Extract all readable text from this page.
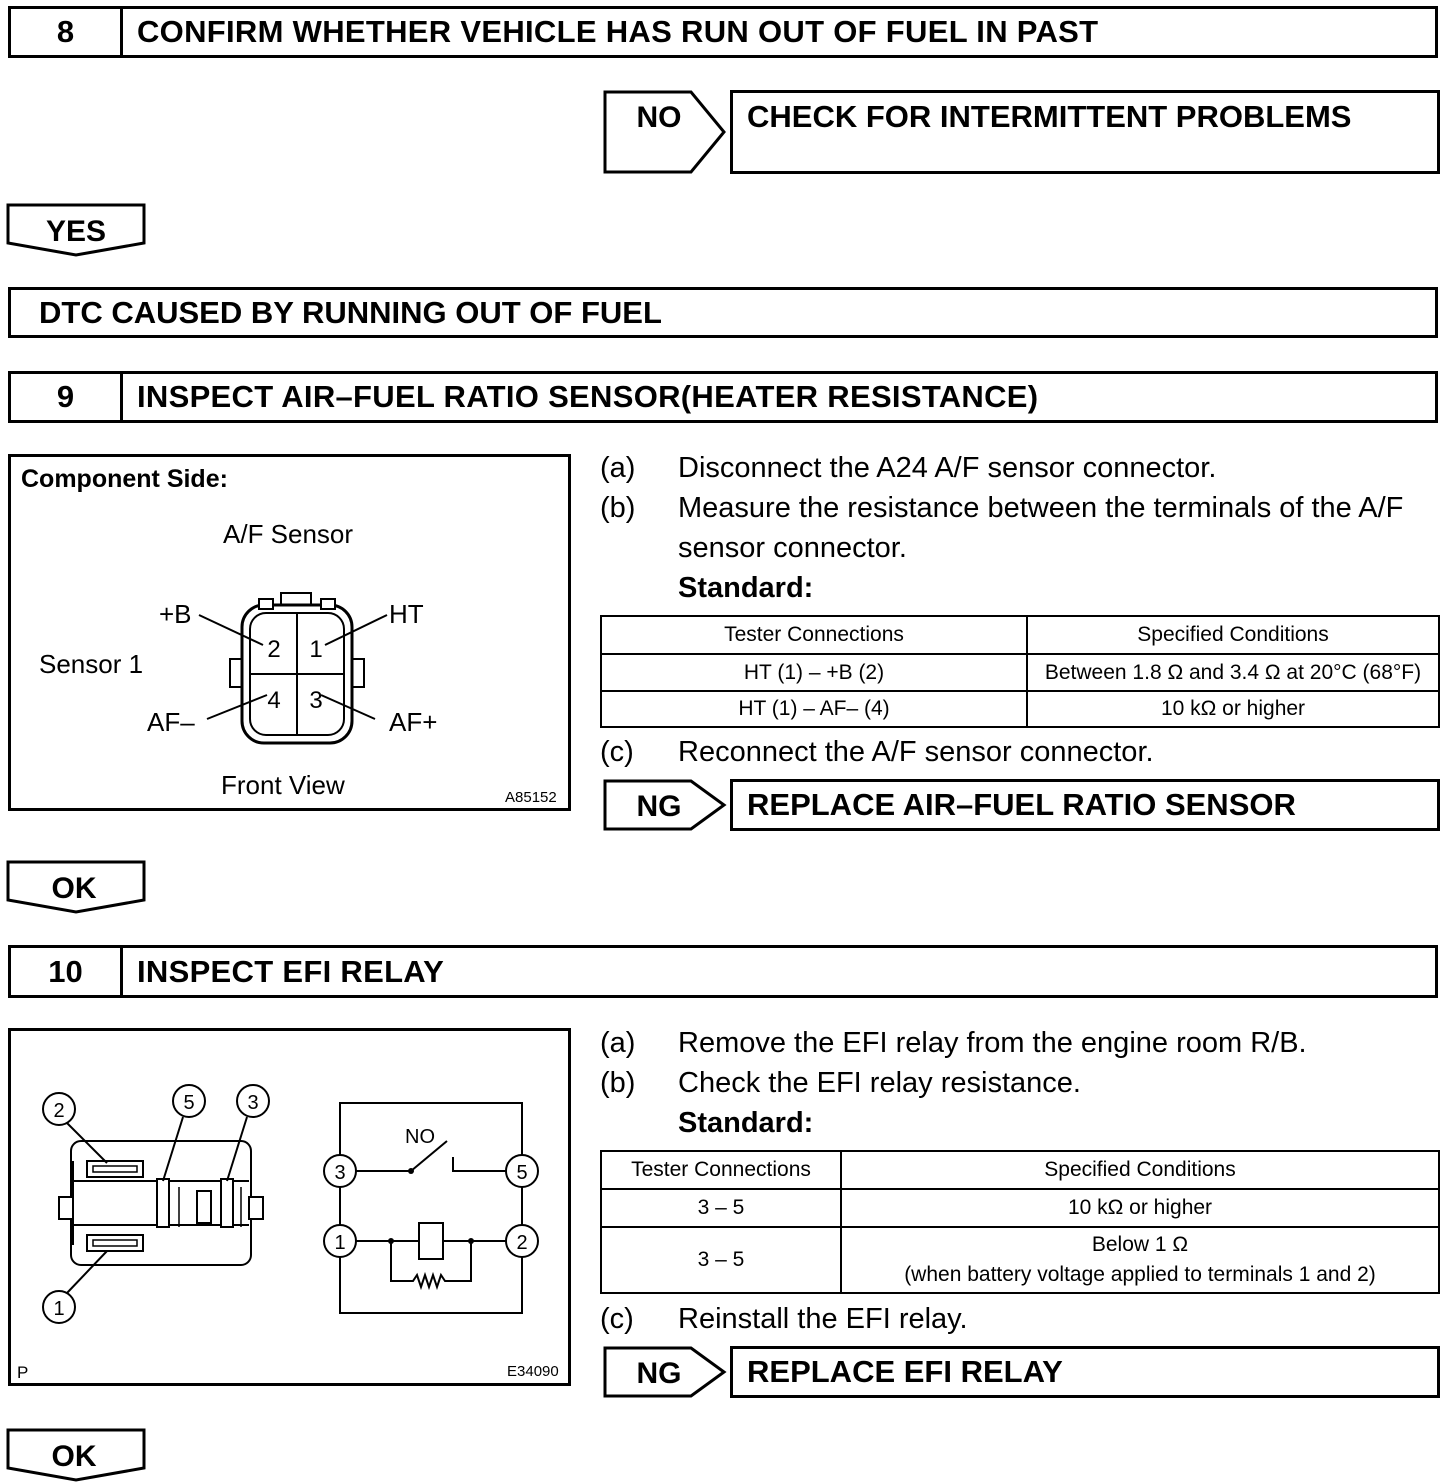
8	CONFIRM WHETHER VEHICLE HAS RUN OUT OF FUEL IN PAST
NO	CHECK FOR INTERMITTENT PROBLEMS
YES
DTC CAUSED BY RUNNING OUT OF FUEL
9	INSPECT AIR–FUEL RATIO SENSOR(HEATER RESISTANCE)
Component Side:
A/F Sensor
Sensor 1
Front View	A85152
2 1
4 3
+B	HT
AF–	AF+
(a) Disconnect the A24 A/F sensor connector.
(b) Measure the resistance between the terminals of the A/F
sensor connector.
Standard:
Tester Connections	Specified Conditions
HT (1) – +B (2)	Between 1.8 Ω and 3.4 Ω at 20°C (68°F)
HT (1) – AF– (4)	10 kΩ or higher
(c) Reconnect the A/F sensor connector.
NG	REPLACE AIR–FUEL RATIO SENSOR
OK
10	INSPECT EFI RELAY
P	E34090
2	5	3
1
3	5
1	2
NO
(a) Remove the EFI relay from the engine room R/B.
(b) Check the EFI relay resistance.
Standard:
Tester Connections	Specified Conditions
3 – 5	10 kΩ or higher
3 – 5	Below 1 Ω
(when battery voltage applied to terminals 1 and 2)
(c) Reinstall the EFI relay.
NG	REPLACE EFI RELAY
OK
